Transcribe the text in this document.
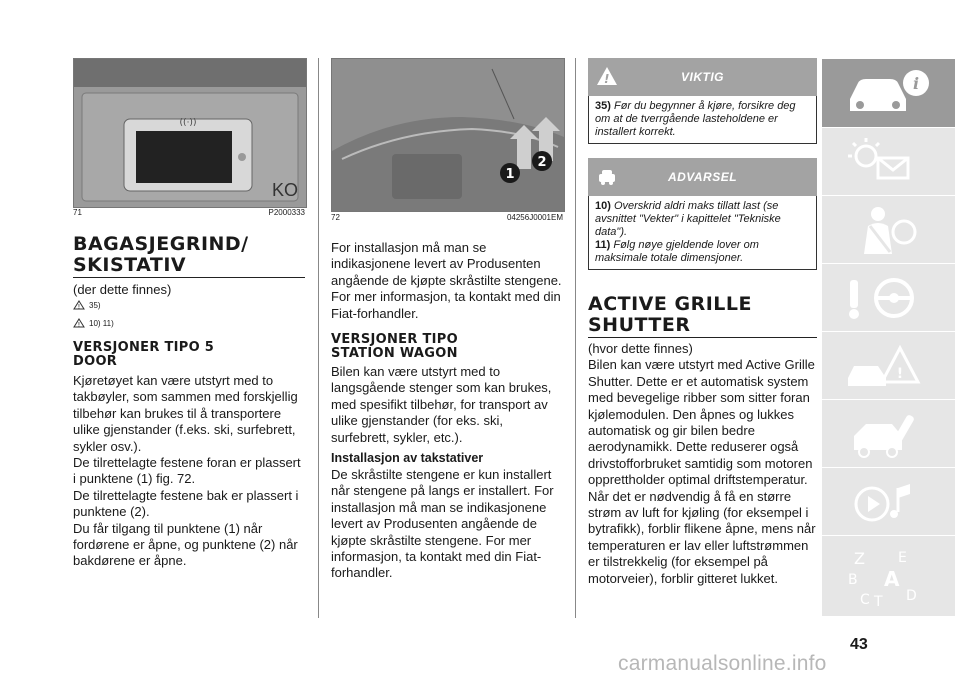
((·))
KO
71	P2000333
BAGASJEGRIND/
SKISTATIV
(der dette finnes)
! 35)
! 10) 11)
VERSJONER TIPO 5
DOOR

Kjøretøyet kan være utstyrt med to takbøyler, som sammen med forskjellig tilbehør kan brukes til å transportere ulike gjenstander (f.eks. ski, surfebrett, sykler osv.).

De tilrettelagte festene foran er plassert i punktene (1) fig. 72.

De tilrettelagte festene bak er plassert i punktene (2).

Du får tilgang til punktene (1) når fordørene er åpne, og punktene (2) når bakdørene er åpne.

1
2
72	04256J0001EM

For installasjon må man se indikasjonene levert av Produsenten angående de kjøpte skråstilte stengene. For mer informasjon, ta kontakt med din Fiat-forhandler.

VERSJONER TIPO
STATION WAGON

Bilen kan være utstyrt med to langsgående stenger som kan brukes, med spesifikt tilbehør, for transport av ulike gjenstander (for eks. ski, surfebrett, sykler, etc.).

Installasjon av takstativer

De skråstilte stengene er kun installert når stengene på langs er installert. For installasjon må man se indikasjonene levert av Produsenten angående de kjøpte skråstilte stengene. For mer informasjon, ta kontakt med din Fiat-forhandler.

!	VIKTIG
35) Før du begynner å kjøre, forsikre deg om at de tverrgående lasteholdene er installert korrekt.
ADVARSEL
10) Overskrid aldri maks tillatt last (se avsnittet "Vekter" i kapittelet "Tekniske data").
11) Følg nøye gjeldende lover om maksimale totale dimensjoner.
ACTIVE GRILLE
SHUTTER

(hvor dette finnes)

Bilen kan være utstyrt med Active Grille Shutter. Dette er et automatisk system med bevegelige ribber som sitter foran kjølemodulen. Den åpnes og lukkes automatisk og gir bilen bedre aerodynamikk. Dette reduserer også drivstofforbruket samtidig som motoren opprettholder optimal driftstemperatur. Når det er nødvendig å få en større strøm av luft for kjøling (for eksempel i bytrafikk), forblir flikene åpne, mens når temperaturen er lav eller luftstrømmen er tilstrekkelig (for eksempel på motorveier), forblir gitteret lukket.

i
!
Z E
B A
C T D
43
carmanualsonline.info
